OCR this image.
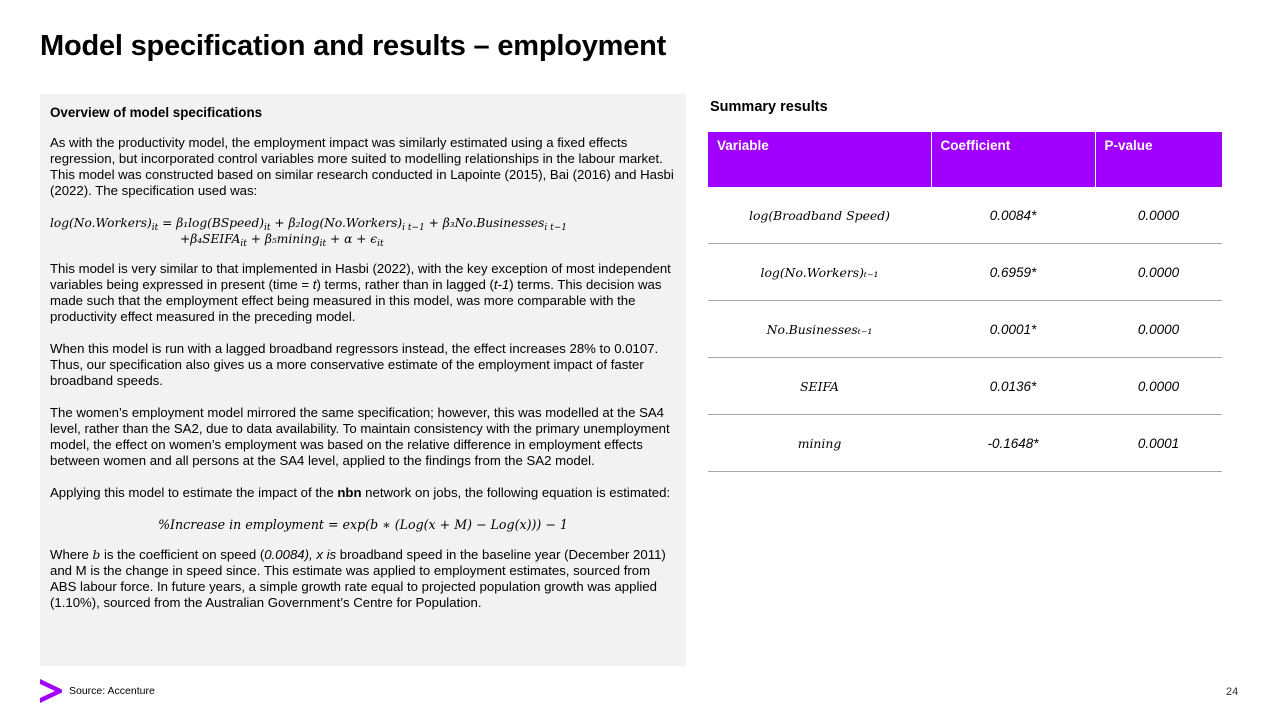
Model specification and results – employment
Overview of model specifications

As with the productivity model, the employment impact was similarly estimated using a fixed effects regression, but incorporated control variables more suited to modelling relationships in the labour market. This model was constructed based on similar research conducted in Lapointe (2015), Bai (2016) and Hasbi (2022). The specification used was:

$\log(No.Workers)_{it}$ = $\beta_1\log(BSpeed)_{it}$ + $\beta_2\log(No.Workers)_{i t-1}$ + β₃No.Businesses$_{i t-1}$
$+\beta_4SEIFA_{it}$ + β₅mining$_{it}$ + $\alpha + \epsilon_{it}$

This model is very similar to that implemented in Hasbi (2022), with the key exception of most independent variables being expressed in present (time = t) terms, rather than in lagged (t-1) terms. This decision was made such that the employment effect being measured in this model, was more comparable with the productivity effect measured in the preceding model.

When this model is run with a lagged broadband regressors instead, the effect increases 28% to 0.0107. Thus, our specification also gives us a more conservative estimate of the employment impact of faster broadband speeds.

The women’s employment model mirrored the same specification; however, this was modelled at the SA4 level, rather than the SA2, due to data availability. To maintain consistency with the primary unemployment model, the effect on women’s employment was based on the relative difference in employment effects between women and all persons at the SA4 level, applied to the findings from the SA2 model.

Applying this model to estimate the impact of the nbn network on jobs, the following equation is estimated:

%Increase in employment = exp(b ∗ (Log(x + M) − Log(x))) − 1

Where b is the coefficient on speed (0.0084), x is broadband speed in the baseline year (December 2011) and M is the change in speed since. This estimate was applied to employment estimates, sourced from ABS labour force. In future years, a simple growth rate equal to projected population growth was applied (1.10%), sourced from the Australian Government’s Centre for Population.

Summary results
Variable	Coefficient	P-value
log(Broadband Speed)	0.0084*	0.0000
log(No.Workers)ₜ₋₁	0.6959*	0.0000
No.Businessesₜ₋₁	0.0001*	0.0000
SEIFA	0.0136*	0.0000
mining	-0.1648*	0.0001
Source: Accenture	24
